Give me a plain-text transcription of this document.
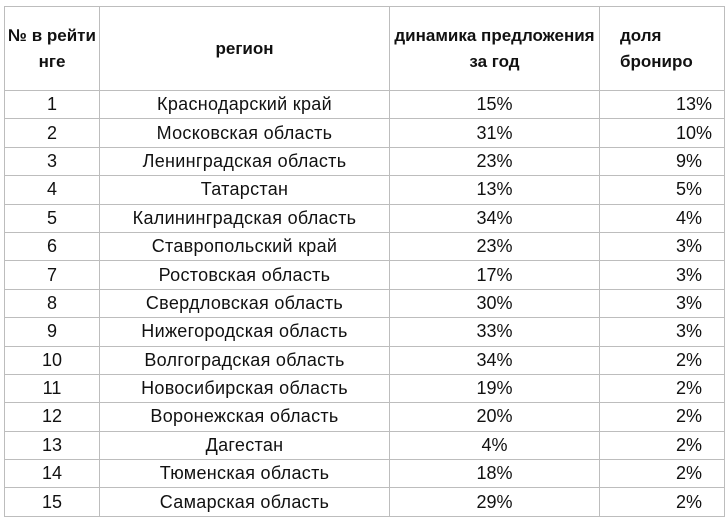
№ в рейти нге	регион	динамика предложения за год	доля брониро

1	Краснодарский край	15%	13%
2	Московская область	31%	10%
3	Ленинградская область	23%	9%
4	Татарстан	13%	5%
5	Калининградская область	34%	4%
6	Ставропольский край	23%	3%
7	Ростовская область	17%	3%
8	Свердловская область	30%	3%
9	Нижегородская область	33%	3%
10	Волгоградская область	34%	2%
11	Новосибирская область	19%	2%
12	Воронежская область	20%	2%
13	Дагестан	4%	2%
14	Тюменская область	18%	2%
15	Самарская область	29%	2%
